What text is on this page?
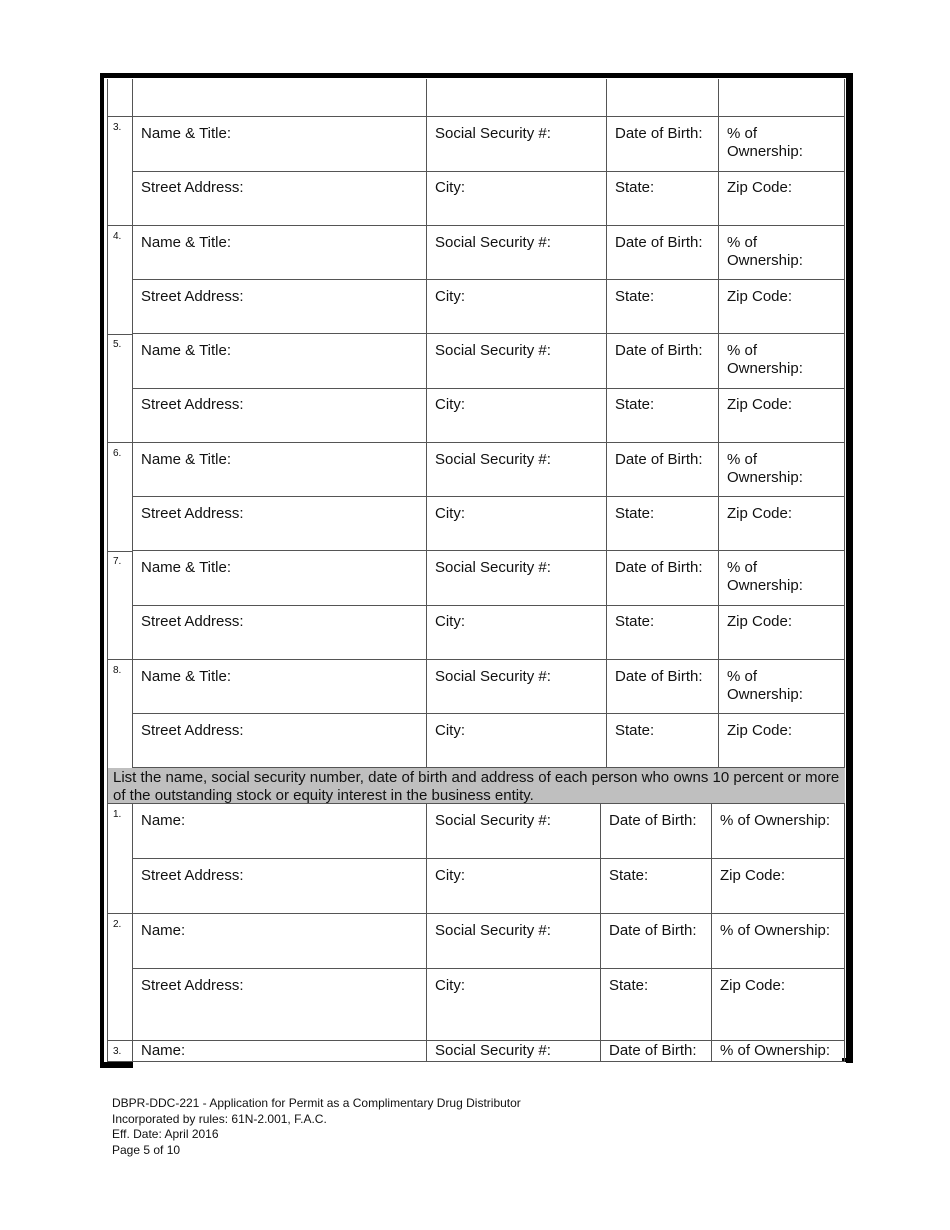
3.	Name & Title:	Social Security #:	Date of Birth:	% of
Ownership:
Street Address:	City:	State:	Zip Code:
4.	Name & Title:	Social Security #:	Date of Birth:	% of
Ownership:
Street Address:	City:	State:	Zip Code:
5.	Name & Title:	Social Security #:	Date of Birth:	% of
Ownership:
Street Address:	City:	State:	Zip Code:
6.	Name & Title:	Social Security #:	Date of Birth:	% of
Ownership:
Street Address:	City:	State:	Zip Code:
7.	Name & Title:	Social Security #:	Date of Birth:	% of
Ownership:
Street Address:	City:	State:	Zip Code:
8.	Name & Title:	Social Security #:	Date of Birth:	% of
Ownership:
Street Address:	City:	State:	Zip Code:
1.	Name:	Social Security #:	Date of Birth:	% of Ownership:
Street Address:	City:	State:	Zip Code:
2.	Name:	Social Security #:	Date of Birth:	% of Ownership:
Street Address:	City:	State:	Zip Code:
3.	Name:	Social Security #:	Date of Birth:	% of Ownership:
List the name, social security number, date of birth and address of each person who owns 10 percent or more of the outstanding stock or equity interest in the business entity.
DBPR-DDC-221 - Application for Permit as a Complimentary Drug Distributor
Incorporated by rules: 61N-2.001, F.A.C.
Eff. Date: April 2016
Page 5 of 10
